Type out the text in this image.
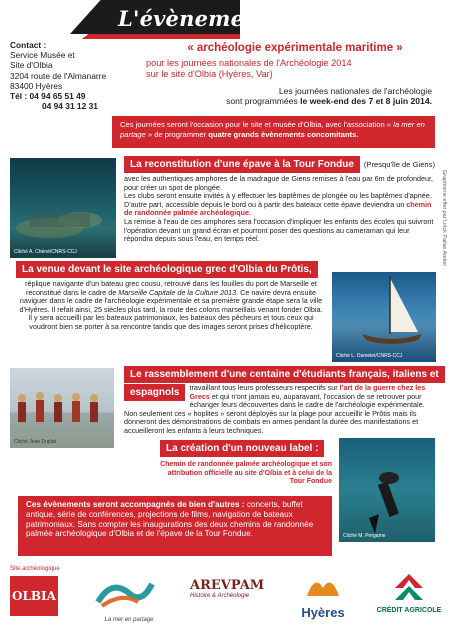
L'évènement
Contact :
Service Musée et
Site d'Olbia
3204 route de l'Almanarre
83400 Hyères
Tél : 04 94 65 51 49
04 94 31 12 31
« archéologie expérimentale maritime »
pour les journées nationales de l'Archéologie 2014
sur le site d'Olbia (Hyères, Var)
Les journées nationales de l'archéologie
sont programmées le week-end des 7 et 8 juin 2014.
Ces journées seront l'occasion pour le site et musée d'Olbia, avec l'association « la mer en partage » de programmer quatre grands évènements concomitants.
La reconstitution d'une épave à la Tour Fondue	(Presqu'île de Giens)
avec les authentiques amphores de la madrague de Giens remises à l'eau par 6m de profondeur, pour créer un spot de plongée.
Les clubs seront ensuite invités à y effectuer les baptêmes de plongée ou les baptêmes d'apnée. D'autre part, accessible depuis le bord ou à partir des bateaux cette épave deviendra un chemin de randonnée palmée archéologique.
La remise à l'eau de ces amphores sera l'occasion d'impliquer les enfants des écoles qui suivront l'opération devant un grand écran et pourront poser des questions au cameraman qui leur répondra depuis sous l'eau, en temps réel.
Cliché A. Chéné/CNRS-CCJ
La venue devant le site archéologique grec d'Olbia du Prôtis,
réplique navigante d'un bateau grec cousu, retrouvé dans les fouilles du port de Marseille et reconstitué dans le cadre de Marseille Capitale de la Culture 2013. Ce navire devra ensuite naviguer dans le cadre de l'archéologie expérimentale et sa première grande étape sera la ville d'Hyères. Il refait ainsi, 25 siècles plus tard, la route des colons marseillais venant fonder Olbia.
Il y sera accueilli par les bateaux patrimoniaux, les bateaux des pêcheurs et tous ceux qui voudront bien se porter à sa rencontre tandis que des images seront prises d'hélicoptère.
Cliché L. Damelet/CNRS-CCJ
Le rassemblement d'une centaine d'étudiants français, italiens et
espagnols	travaillant tous leurs professeurs respectifs sur l'art de la guerre chez les Grecs et qui n'ont jamais eu, auparavant, l'occasion de se retrouver pour échanger leurs découvertes dans le cadre de l'archéologie expérimentale.
Non seulement ces « hoplites » seront déployés sur la plage pour accueillir le Prôtis mais ils donneront des démonstrations de combats en armes pendant la durée des manifestations et accueilleront les enfants à leurs techniques.
Cliché Jean Duplat
La création d'un nouveau label :
Chemin de randonnée palmée archéologique et son attribution officielle au site d'Olbia et à celui de la Tour Fondue
Cliché M. Pergame
Ces évènements seront accompagnés de bien d'autres : concerts, buffet antique, série de conférences, projections de films, navigation de bateaux patrimoniaux. Sans compter les inaugurations des deux chemins de randonnée palmée archéologique d'Olbia et de l'épave de la Tour Fondue.
Graphisme effet par Lirick Pallas Atelier
Site archéologique
OLBIA
La mer en partage
AREVPAM
Histoire & Archéologie
Hyères	CRÉDIT AGRICOLE
